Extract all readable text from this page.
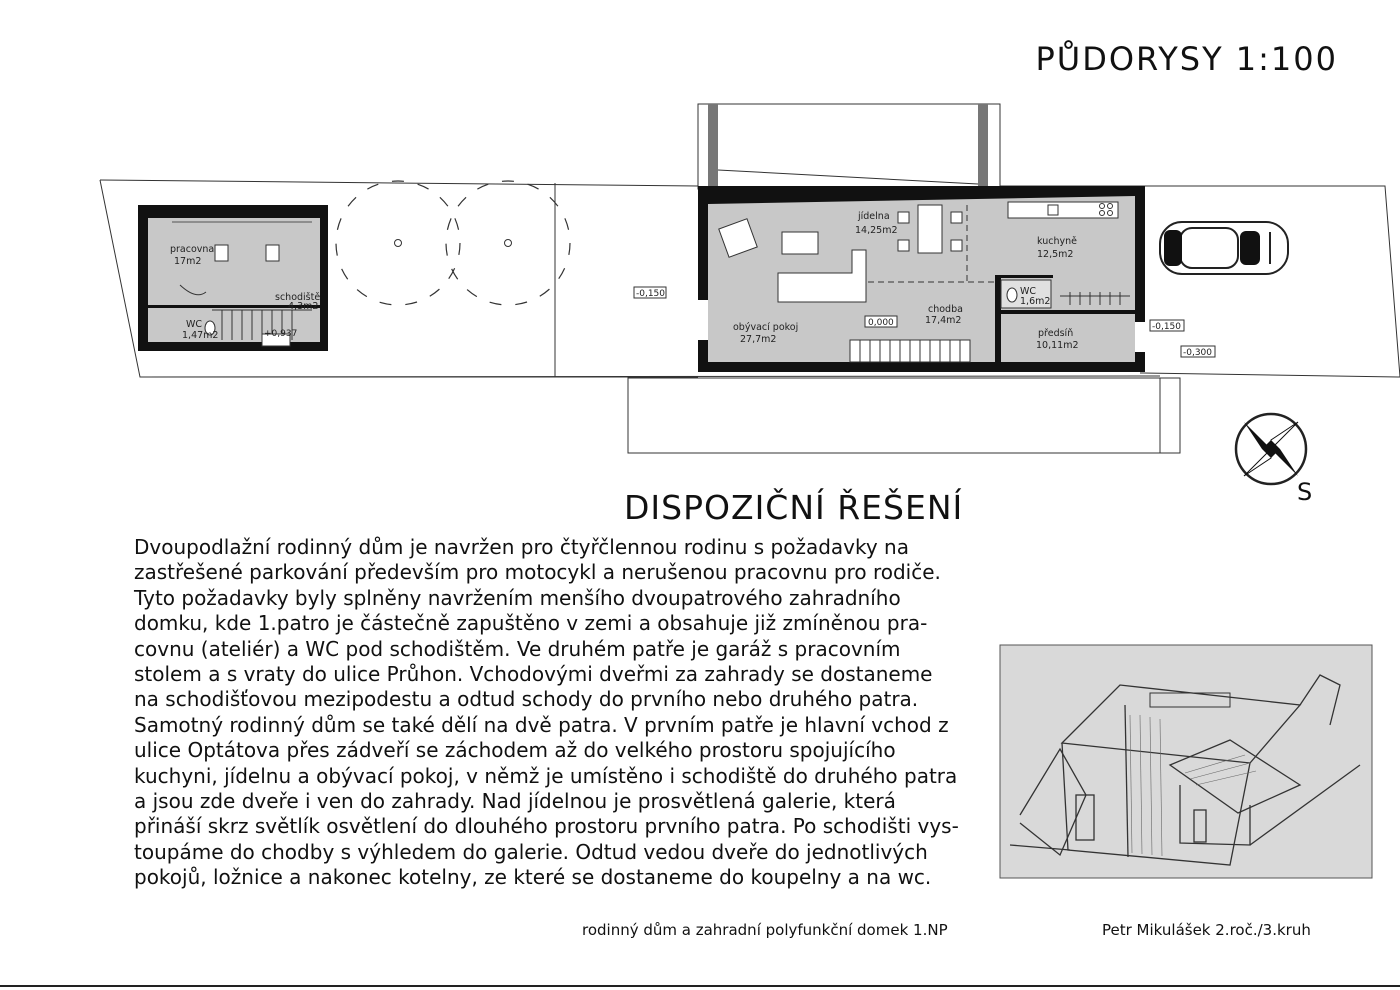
PŮDORYSY 1:100
pracovna
17m2
schodiště
4,3m2
WC
1,47m2	+0,937
jídelna
14,25m2
kuchyně
12,5m2
obývací pokoj
27,7m2
chodba
17,4m2
WC
1,6m2
předsíň
10,11m2
-0,150
0,000	-0,150
-0,300
S
DISPOZIČNÍ ŘEŠENÍ
Dvoupodlažní rodinný dům je navržen pro čtyřčlennou rodinu s požadavky na
zastřešené parkování především pro motocykl a nerušenou pracovnu pro rodiče.
Tyto požadavky byly splněny navržením menšího dvoupatrového zahradního
domku, kde 1.patro je částečně zapuštěno v zemi a obsahuje již zmíněnou pra-
covnu (ateliér) a WC pod schodištěm. Ve druhém patře je garáž s pracovním
stolem a s vraty do ulice Průhon. Vchodovými dveřmi za zahrady se dostaneme
na schodišťovou mezipodestu a odtud schody do prvního nebo druhého patra.
Samotný rodinný dům se také dělí na dvě patra. V prvním patře je hlavní vchod z
ulice Optátova přes zádveří se záchodem až do velkého prostoru spojujícího
kuchyni, jídelnu a obývací pokoj, v němž je umístěno i schodiště do druhého patra
a jsou zde dveře i ven do zahrady. Nad jídelnou je prosvětlená galerie, která
přináší skrz světlík osvětlení do dlouhého prostoru prvního patra. Po schodišti vys-
toupáme do chodby s výhledem do galerie. Odtud vedou dveře do jednotlivých
pokojů, ložnice a nakonec kotelny, ze které se dostaneme do koupelny a na wc.
rodinný dům a zahradní polyfunkční domek 1.NP	Petr Mikulášek 2.roč./3.kruh
